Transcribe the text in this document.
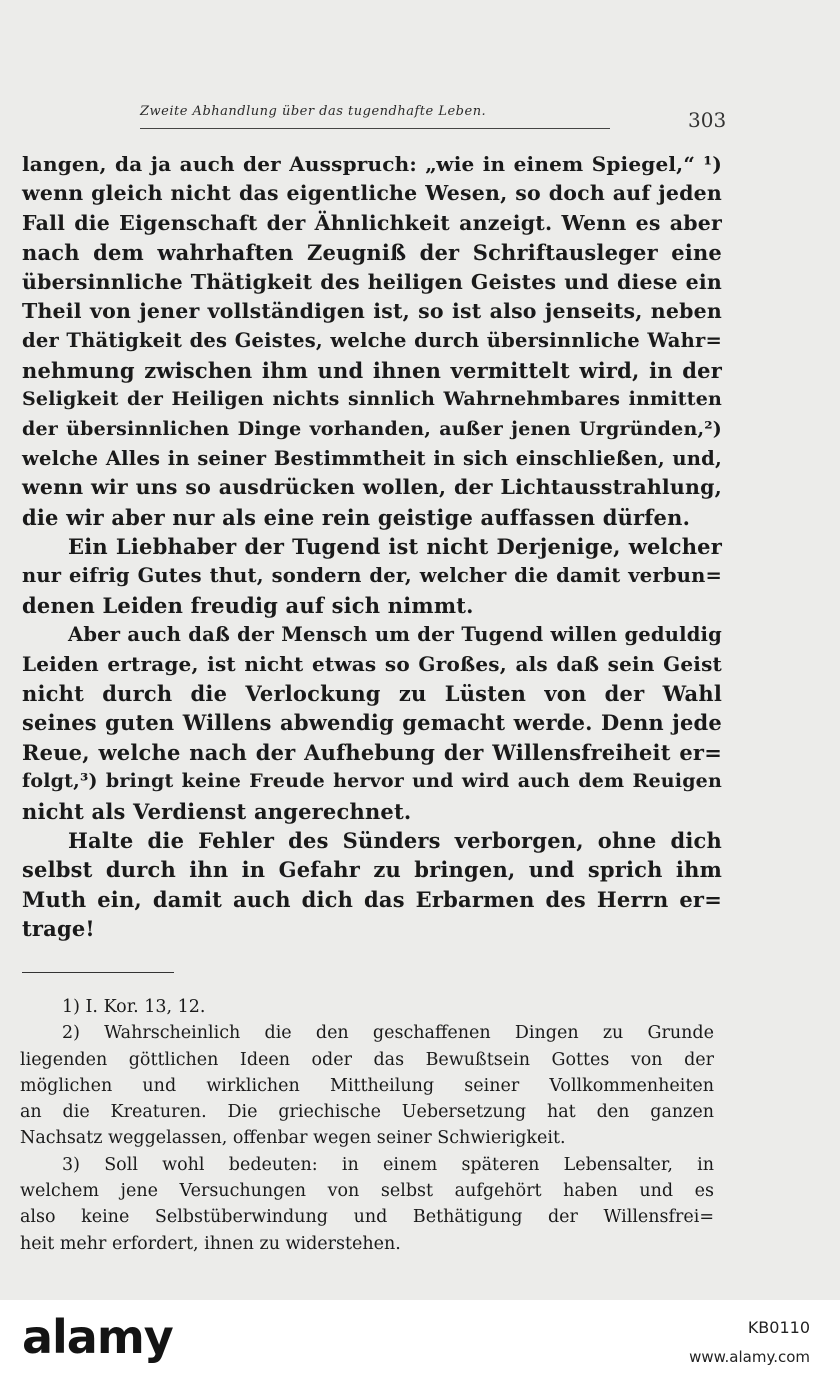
Zweite Abhandlung über das tugendhafte Leben.	303
langen, da ja auch der Ausspruch: „wie in einem Spiegel,“ ¹)
wenn gleich nicht das eigentliche Wesen, so doch auf jeden
Fall die Eigenschaft der Ähnlichkeit anzeigt. Wenn es aber
nach dem wahrhaften Zeugniß der Schriftausleger eine
übersinnliche Thätigkeit des heiligen Geistes und diese ein
Theil von jener vollständigen ist, so ist also jenseits, neben
der Thätigkeit des Geistes, welche durch übersinnliche Wahr=
nehmung zwischen ihm und ihnen vermittelt wird, in der
Seligkeit der Heiligen nichts sinnlich Wahrnehmbares inmitten
der übersinnlichen Dinge vorhanden, außer jenen Urgründen,²)
welche Alles in seiner Bestimmtheit in sich einschließen, und,
wenn wir uns so ausdrücken wollen, der Lichtausstrahlung,
die wir aber nur als eine rein geistige auffassen dürfen.
Ein Liebhaber der Tugend ist nicht Derjenige, welcher
nur eifrig Gutes thut, sondern der, welcher die damit verbun=
denen Leiden freudig auf sich nimmt.
Aber auch daß der Mensch um der Tugend willen geduldig
Leiden ertrage, ist nicht etwas so Großes, als daß sein Geist
nicht durch die Verlockung zu Lüsten von der Wahl
seines guten Willens abwendig gemacht werde. Denn jede
Reue, welche nach der Aufhebung der Willensfreiheit er=
folgt,³) bringt keine Freude hervor und wird auch dem Reuigen
nicht als Verdienst angerechnet.
Halte die Fehler des Sünders verborgen, ohne dich
selbst durch ihn in Gefahr zu bringen, und sprich ihm
Muth ein, damit auch dich das Erbarmen des Herrn er=
trage!
1) I. Kor. 13, 12.
2) Wahrscheinlich die den geschaffenen Dingen zu Grunde
liegenden göttlichen Ideen oder das Bewußtsein Gottes von der
möglichen und wirklichen Mittheilung seiner Vollkommenheiten
an die Kreaturen. Die griechische Uebersetzung hat den ganzen
Nachsatz weggelassen, offenbar wegen seiner Schwierigkeit.
3) Soll wohl bedeuten: in einem späteren Lebensalter, in
welchem jene Versuchungen von selbst aufgehört haben und es
also keine Selbstüberwindung und Bethätigung der Willensfrei=
heit mehr erfordert, ihnen zu widerstehen.
alamy	KB0110
www.alamy.com
